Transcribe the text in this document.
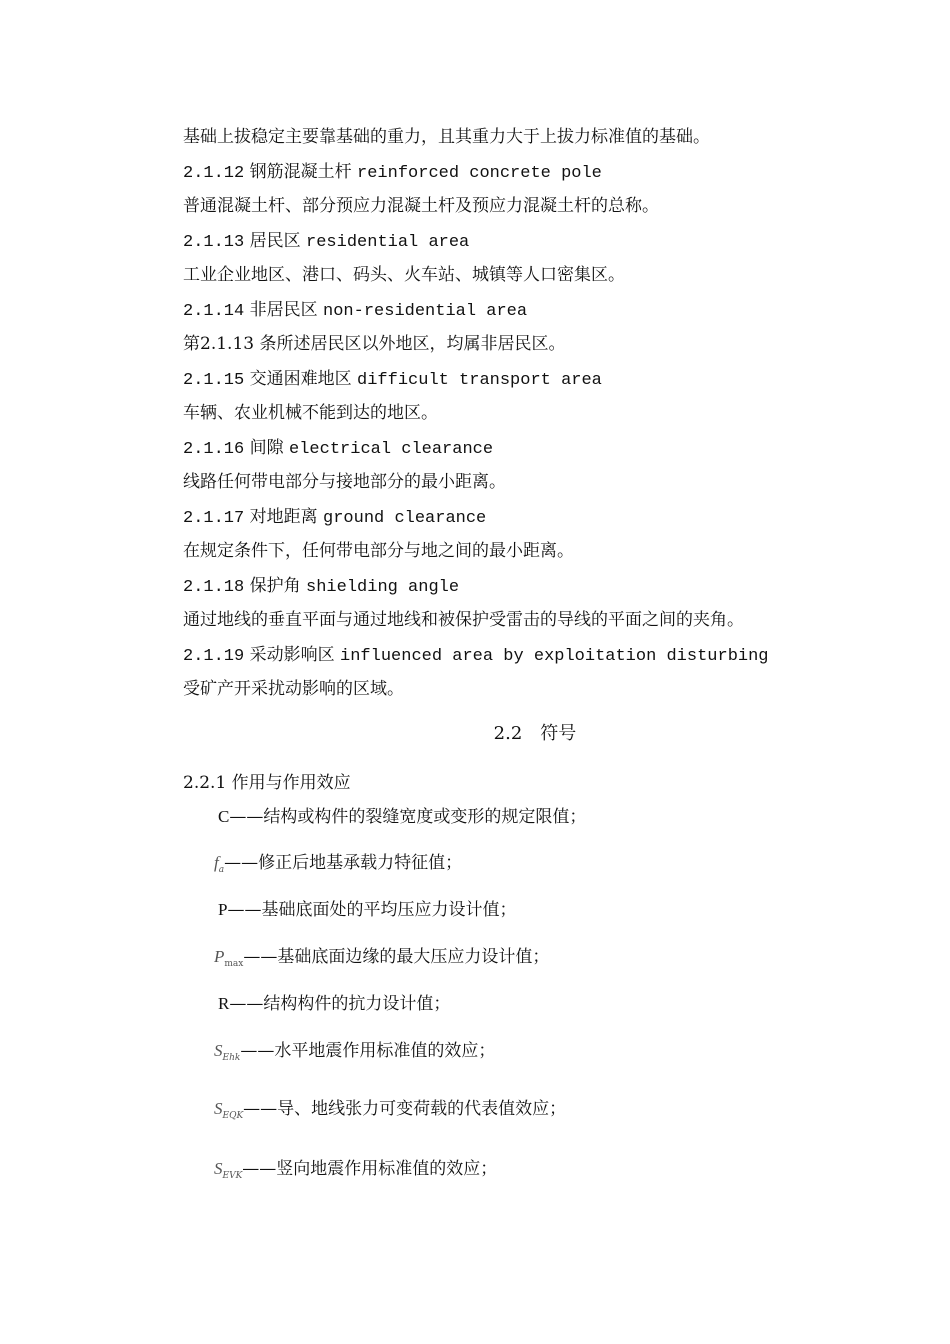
基础上拔稳定主要靠基础的重力，且其重力大于上拔力标准值的基础。
2.1.12 钢筋混凝土杆 reinforced concrete pole
普通混凝土杆、部分预应力混凝土杆及预应力混凝土杆的总称。
2.1.13 居民区 residential area
工业企业地区、港口、码头、火车站、城镇等人口密集区。
2.1.14 非居民区 non-residential area
第2.1.13 条所述居民区以外地区，均属非居民区。
2.1.15 交通困难地区 difficult transport area
车辆、农业机械不能到达的地区。
2.1.16 间隙 electrical clearance
线路任何带电部分与接地部分的最小距离。
2.1.17 对地距离 ground clearance
在规定条件下，任何带电部分与地之间的最小距离。
2.1.18 保护角 shielding angle
通过地线的垂直平面与通过地线和被保护受雷击的导线的平面之间的夹角。
2.1.19 采动影响区 influenced area by exploitation disturbing
受矿产开采扰动影响的区域。
2.2　符号
2.2.1 作用与作用效应
C——结构或构件的裂缝宽度或变形的规定限值；
$f_a——$修正后地基承载力特征值；
P——基础底面处的平均压应力设计值；
$P_{max}——$基础底面边缘的最大压应力设计值；
R——结构构件的抗力设计值；
$S_{Ehk}——$水平地震作用标准值的效应；
$S_{EQK}——$导、地线张力可变荷载的代表值效应；
$S_{EVK}——$竖向地震作用标准值的效应；
